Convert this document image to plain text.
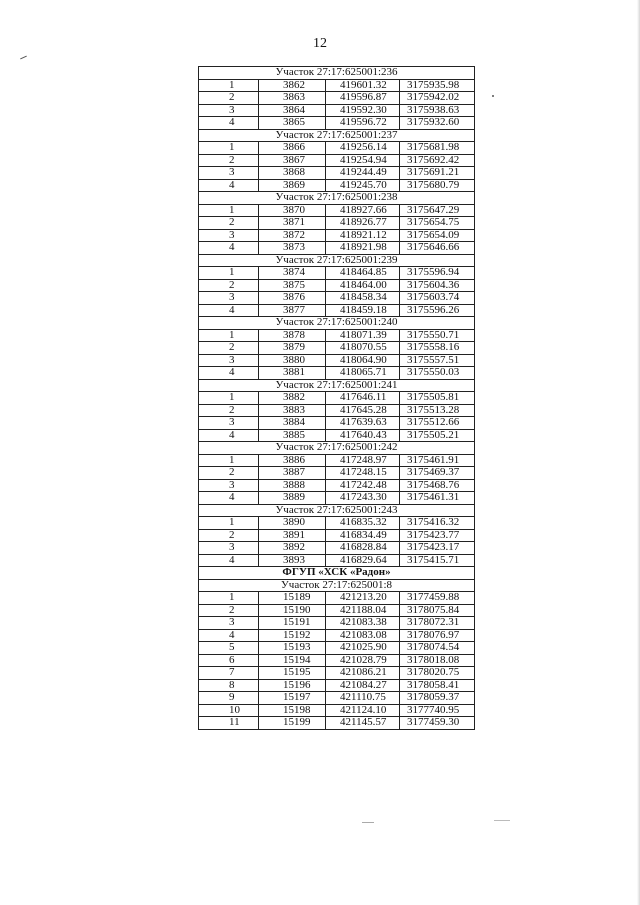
12
Участок 27:17:625001:236			
1	3862	419601.32	3175935.98
2	3863	419596.87	3175942.02
3	3864	419592.30	3175938.63
4	3865	419596.72	3175932.60
Участок 27:17:625001:237			
1	3866	419256.14	3175681.98
2	3867	419254.94	3175692.42
3	3868	419244.49	3175691.21
4	3869	419245.70	3175680.79
Участок 27:17:625001:238			
1	3870	418927.66	3175647.29
2	3871	418926.77	3175654.75
3	3872	418921.12	3175654.09
4	3873	418921.98	3175646.66
Участок 27:17:625001:239			
1	3874	418464.85	3175596.94
2	3875	418464.00	3175604.36
3	3876	418458.34	3175603.74
4	3877	418459.18	3175596.26
Участок 27:17:625001:240			
1	3878	418071.39	3175550.71
2	3879	418070.55	3175558.16
3	3880	418064.90	3175557.51
4	3881	418065.71	3175550.03
Участок 27:17:625001:241			
1	3882	417646.11	3175505.81
2	3883	417645.28	3175513.28
3	3884	417639.63	3175512.66
4	3885	417640.43	3175505.21
Участок 27:17:625001:242			
1	3886	417248.97	3175461.91
2	3887	417248.15	3175469.37
3	3888	417242.48	3175468.76
4	3889	417243.30	3175461.31
Участок 27:17:625001:243			
1	3890	416835.32	3175416.32
2	3891	416834.49	3175423.77
3	3892	416828.84	3175423.17
4	3893	416829.64	3175415.71
ФГУП «ХСК «Радон»			
Участок 27:17:625001:8			
1	15189	421213.20	3177459.88
2	15190	421188.04	3178075.84
3	15191	421083.38	3178072.31
4	15192	421083.08	3178076.97
5	15193	421025.90	3178074.54
6	15194	421028.79	3178018.08
7	15195	421086.21	3178020.75
8	15196	421084.27	3178058.41
9	15197	421110.75	3178059.37
10	15198	421124.10	3177740.95
11	15199	421145.57	3177459.30
